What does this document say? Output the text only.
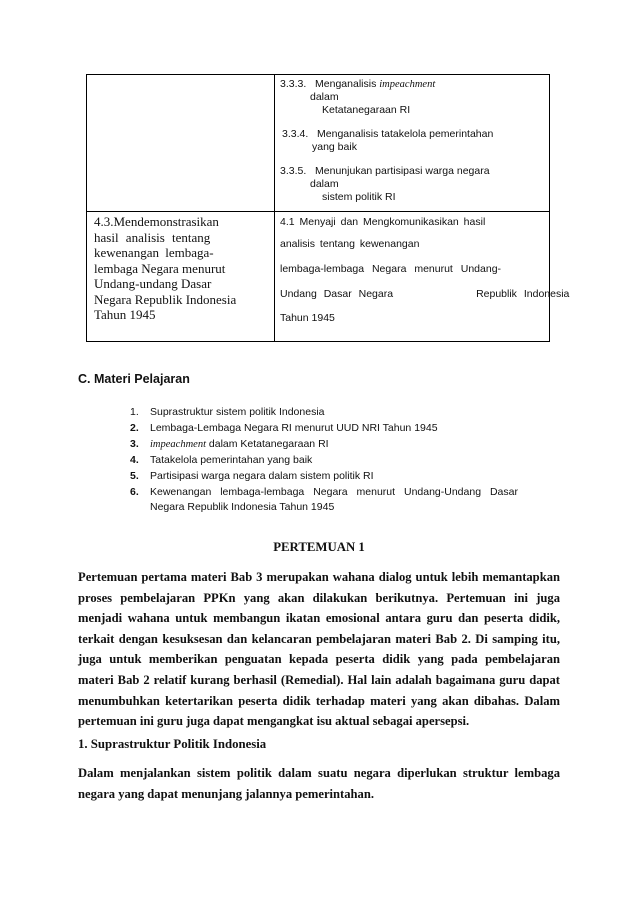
3.3.3. Menganalisis impeachment
dalam
Ketatanegaraan RI
3.3.4. Menganalisis tatakelola pemerintahan
yang baik
3.3.5. Menunjukan partisipasi warga negara
dalam
sistem politik RI
4.3.Mendemonstrasikan
hasil analisis tentang
kewenangan lembaga-
lembaga Negara menurut
Undang-undang Dasar
Negara Republik Indonesia
Tahun 1945
4.1 Menyaji dan Mengkomunikasikan hasil
analisis tentang kewenangan
lembaga-lembaga Negara menurut Undang-
Undang Dasar Negara            Republik Indonesia
Tahun 1945
C. Materi Pelajaran
1. Suprastruktur sistem politik Indonesia
2. Lembaga-Lembaga Negara RI menurut UUD NRI Tahun 1945
3. impeachment dalam Ketatanegaraan RI
4. Tatakelola pemerintahan yang baik
5. Partisipasi warga negara dalam sistem politik RI
6. Kewenangan lembaga-lembaga Negara menurut Undang-Undang Dasar
Negara Republik Indonesia Tahun 1945
PERTEMUAN 1
Pertemuan pertama materi Bab 3 merupakan wahana dialog untuk lebih memantapkan proses pembelajaran PPKn yang akan dilakukan berikutnya. Pertemuan ini juga menjadi wahana untuk membangun ikatan emosional antara guru dan peserta didik, terkait dengan kesuksesan dan kelancaran pembelajaran materi Bab 2. Di samping itu, juga untuk memberikan penguatan kepada peserta didik yang pada pembelajaran materi Bab 2 relatif kurang berhasil (Remedial). Hal lain adalah bagaimana guru dapat menumbuhkan ketertarikan peserta didik terhadap materi yang akan dibahas. Dalam pertemuan ini guru juga dapat mengangkat isu aktual sebagai apersepsi.
1. Suprastruktur Politik Indonesia
Dalam menjalankan sistem politik dalam suatu negara diperlukan struktur lembaga negara yang dapat menunjang jalannya pemerintahan.
